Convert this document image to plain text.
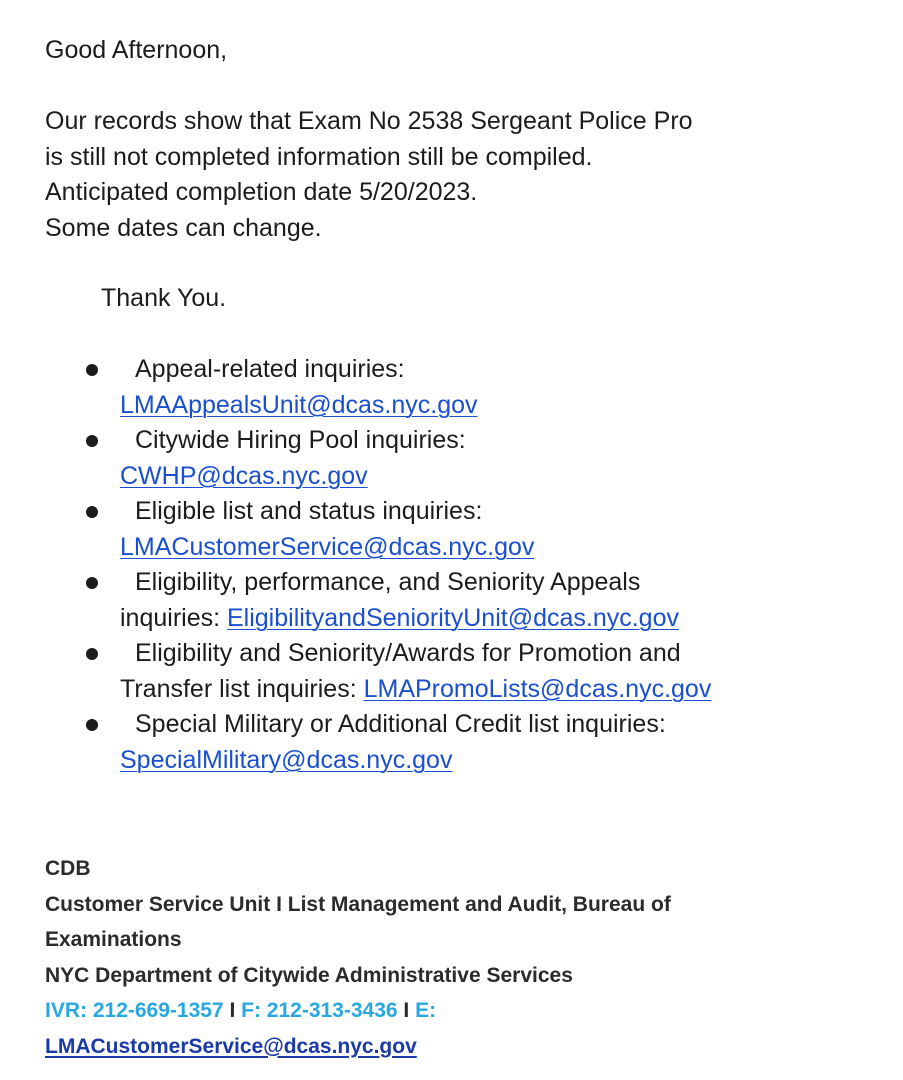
Good Afternoon,

Our records show that Exam No 2538 Sergeant Police Pro
is still not completed information still be compiled.
Anticipated completion date 5/20/2023.
Some dates can change.

Thank You.

Appeal-related inquiries:
LMAAppealsUnit@dcas.nyc.gov
Citywide Hiring Pool inquiries:
CWHP@dcas.nyc.gov
Eligible list and status inquiries:
LMACustomerService@dcas.nyc.gov
Eligibility, performance, and Seniority Appeals
inquiries: EligibilityandSeniorityUnit@dcas.nyc.gov
Eligibility and Seniority/Awards for Promotion and
Transfer list inquiries: LMAPromoLists@dcas.nyc.gov
Special Military or Additional Credit list inquiries:
SpecialMilitary@dcas.nyc.gov
CDB
Customer Service Unit I List Management and Audit, Bureau of
Examinations
NYC Department of Citywide Administrative Services
IVR: 212-669-1357 I F: 212-313-3436 I E:
LMACustomerService@dcas.nyc.gov
